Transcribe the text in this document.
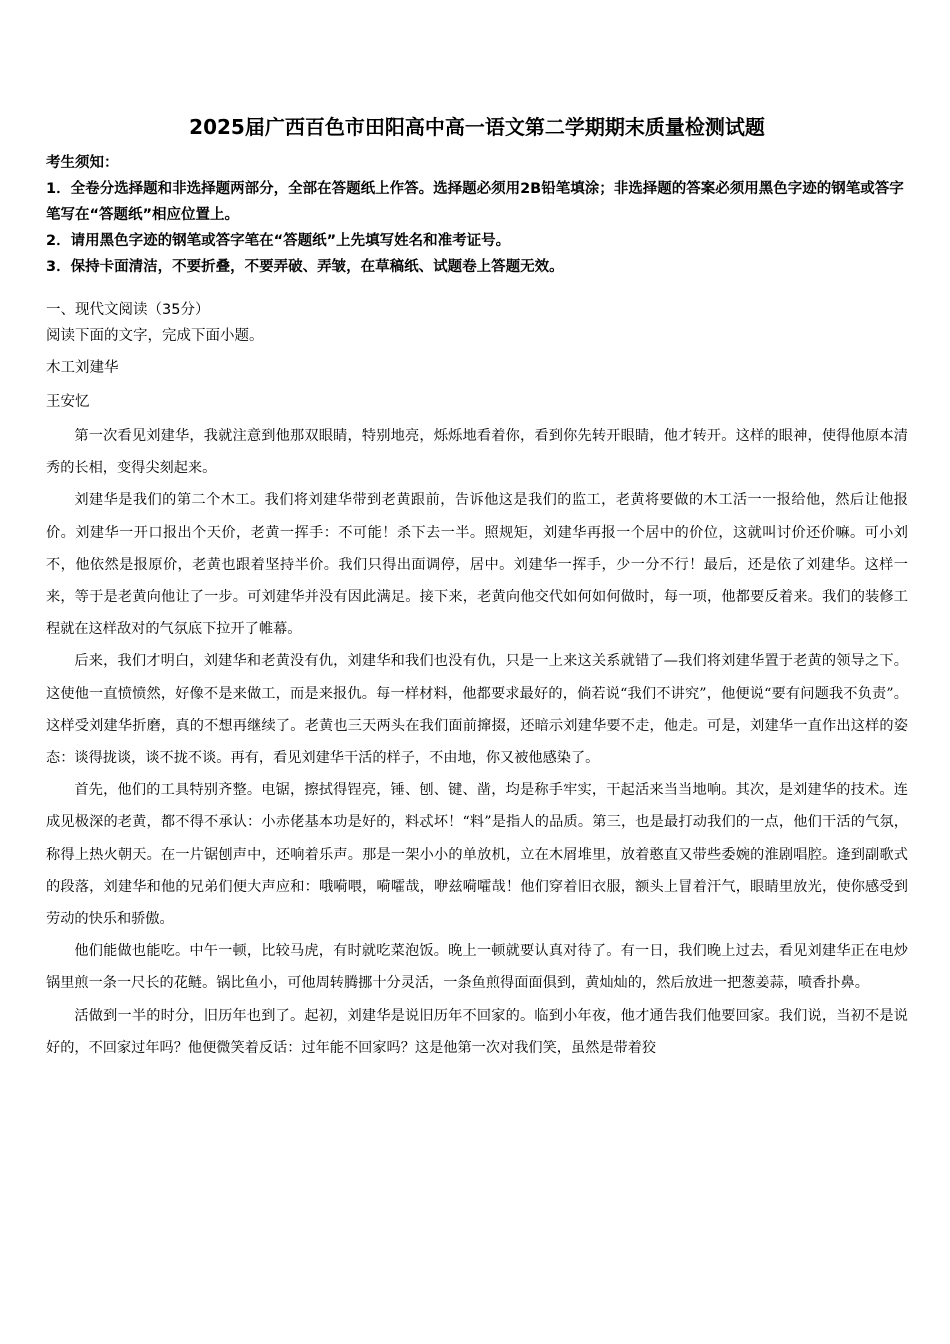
2025届广西百色市田阳高中高一语文第二学期期末质量检测试题

考生须知：

1．全卷分选择题和非选择题两部分，全部在答题纸上作答。选择题必须用2B铅笔填涂；非选择题的答案必须用黑色字迹的钢笔或答字笔写在“答题纸”相应位置上。

2．请用黑色字迹的钢笔或答字笔在“答题纸”上先填写姓名和准考证号。

3．保持卡面清洁，不要折叠，不要弄破、弄皱，在草稿纸、试题卷上答题无效。

一、现代文阅读（35分）

阅读下面的文字，完成下面小题。

木工刘建华
王安忆

第一次看见刘建华，我就注意到他那双眼睛，特别地亮，烁烁地看着你，看到你先转开眼睛，他才转开。这样的眼神，使得他原本清秀的长相，变得尖刻起来。

刘建华是我们的第二个木工。我们将刘建华带到老黄跟前，告诉他这是我们的监工，老黄将要做的木工活一一报给他，然后让他报价。刘建华一开口报出个天价，老黄一挥手：不可能！杀下去一半。照规矩，刘建华再报一个居中的价位，这就叫讨价还价嘛。可小刘不，他依然是报原价，老黄也跟着坚持半价。我们只得出面调停，居中。刘建华一挥手，少一分不行！最后，还是依了刘建华。这样一来，等于是老黄向他让了一步。可刘建华并没有因此满足。接下来，老黄向他交代如何如何做时，每一项，他都要反着来。我们的装修工程就在这样敌对的气氛底下拉开了帷幕。

后来，我们才明白，刘建华和老黄没有仇，刘建华和我们也没有仇，只是一上来这关系就错了—我们将刘建华置于老黄的领导之下。这使他一直愤愤然，好像不是来做工，而是来报仇。每一样材料，他都要求最好的，倘若说“我们不讲究”，他便说“要有问题我不负责”。这样受刘建华折磨，真的不想再继续了。老黄也三天两头在我们面前撺掇，还暗示刘建华要不走，他走。可是，刘建华一直作出这样的姿态：谈得拢谈，谈不拢不谈。再有，看见刘建华干活的样子，不由地，你又被他感染了。

首先，他们的工具特别齐整。电锯，擦拭得锃亮，锤、刨、键、凿，均是称手牢实，干起活来当当地响。其次，是刘建华的技术。连成见极深的老黄，都不得不承认：小赤佬基本功是好的，料忒坏！“料”是指人的品质。第三，也是最打动我们的一点，他们干活的气氛，称得上热火朝天。在一片锯刨声中，还响着乐声。那是一架小小的单放机，立在木屑堆里，放着憨直又带些委婉的淮剧唱腔。逢到副歌式的段落，刘建华和他的兄弟们便大声应和：哦嗬喂，嗬嚯哉，咿兹嗬嚯哉！他们穿着旧衣服，额头上冒着汗气，眼睛里放光，使你感受到劳动的快乐和骄傲。

他们能做也能吃。中午一顿，比较马虎，有时就吃菜泡饭。晚上一顿就要认真对待了。有一日，我们晚上过去，看见刘建华正在电炒锅里煎一条一尺长的花鲢。锅比鱼小，可他周转腾挪十分灵活，一条鱼煎得面面俱到，黄灿灿的，然后放进一把葱姜蒜，喷香扑鼻。

活做到一半的时分，旧历年也到了。起初，刘建华是说旧历年不回家的。临到小年夜，他才通告我们他要回家。我们说，当初不是说好的，不回家过年吗？他便微笑着反话：过年能不回家吗？这是他第一次对我们笑，虽然是带着狡
